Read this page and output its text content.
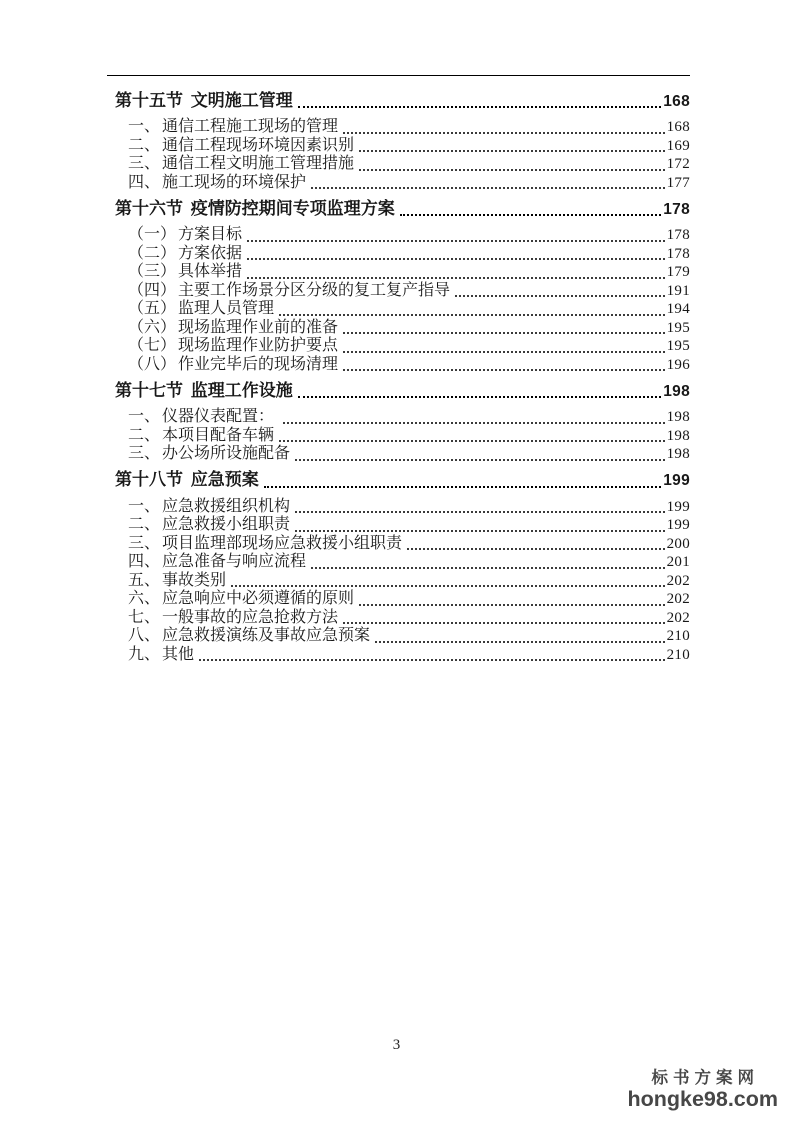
第十五节 文明施工管理	168
一、 通信工程施工现场的管理	168
二、 通信工程现场环境因素识别	169
三、 通信工程文明施工管理措施	172
四、 施工现场的环境保护	177
第十六节 疫情防控期间专项监理方案	178
（一） 方案目标	178
（二） 方案依据	178
（三） 具体举措	179
（四） 主要工作场景分区分级的复工复产指导	191
（五） 监理人员管理	194
（六） 现场监理作业前的准备	195
（七） 现场监理作业防护要点	195
（八） 作业完毕后的现场清理	196
第十七节 监理工作设施	198
一、 仪器仪表配置：	198
二、 本项目配备车辆	198
三、 办公场所设施配备	198
第十八节 应急预案	199
一、 应急救援组织机构	199
二、 应急救援小组职责	199
三、 项目监理部现场应急救援小组职责	200
四、 应急准备与响应流程	201
五、 事故类别	202
六、 应急响应中必须遵循的原则	202
七、 一般事故的应急抢救方法	202
八、 应急救援演练及事故应急预案	210
九、 其他	210
3
标书方案网
hongke98.com
